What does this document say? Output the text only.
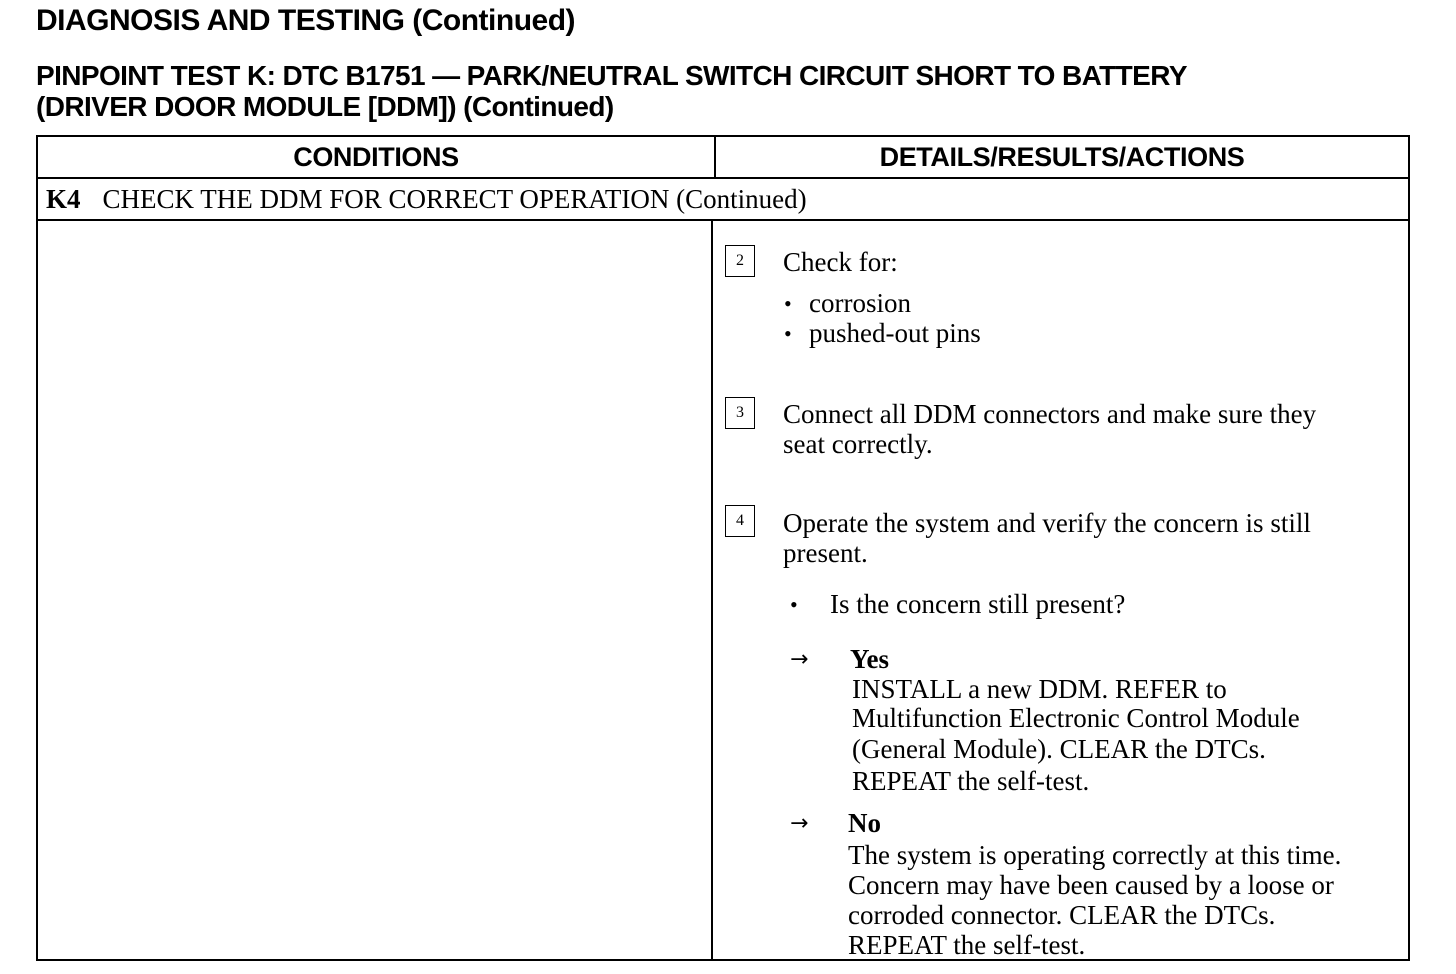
DIAGNOSIS AND TESTING (Continued)
PINPOINT TEST K: DTC B1751 — PARK/NEUTRAL SWITCH CIRCUIT SHORT TO BATTERY
(DRIVER DOOR MODULE [DDM]) (Continued)
CONDITIONS	DETAILS/RESULTS/ACTIONS
K4 CHECK THE DDM FOR CORRECT OPERATION (Continued)
2	Check for:
• corrosion
• pushed-out pins
3	Connect all DDM connectors and make sure they
seat correctly.
4	Operate the system and verify the concern is still
present.
• Is the concern still present?
→ Yes
INSTALL a new DDM. REFER to
Multifunction Electronic Control Module
(General Module). CLEAR the DTCs.
REPEAT the self-test.
→ No
The system is operating correctly at this time.
Concern may have been caused by a loose or
corroded connector. CLEAR the DTCs.
REPEAT the self-test.
